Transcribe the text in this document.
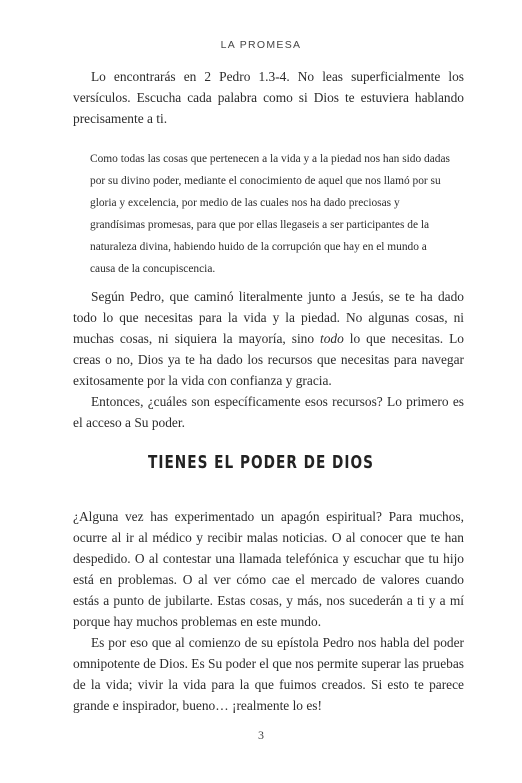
LA PROMESA

Lo encontrarás en 2 Pedro 1.3-4. No leas superficialmente los versículos. Escucha cada palabra como si Dios te estuviera hablando precisamente a ti.

Como todas las cosas que pertenecen a la vida y a la piedad nos han sido dadas por su divino poder, mediante el conocimiento de aquel que nos llamó por su gloria y excelencia, por medio de las cuales nos ha dado preciosas y grandísimas promesas, para que por ellas llegaseis a ser participantes de la naturaleza divina, habiendo huido de la corrupción que hay en el mundo a causa de la concupiscencia.

Según Pedro, que caminó literalmente junto a Jesús, se te ha dado todo lo que necesitas para la vida y la piedad. No algunas cosas, ni muchas cosas, ni siquiera la mayoría, sino todo lo que necesitas. Lo creas o no, Dios ya te ha dado los recursos que necesitas para navegar exitosamente por la vida con confianza y gracia.

Entonces, ¿cuáles son específicamente esos recursos? Lo primero es el acceso a Su poder.

TIENES EL PODER DE DIOS

¿Alguna vez has experimentado un apagón espiritual? Para muchos, ocurre al ir al médico y recibir malas noticias. O al conocer que te han despedido. O al contestar una llamada telefónica y escuchar que tu hijo está en problemas. O al ver cómo cae el mercado de valores cuando estás a punto de jubilarte. Estas cosas, y más, nos sucederán a ti y a mí porque hay muchos problemas en este mundo.

Es por eso que al comienzo de su epístola Pedro nos habla del poder omnipotente de Dios. Es Su poder el que nos permite superar las pruebas de la vida; vivir la vida para la que fuimos creados. Si esto te parece grande e inspirador, bueno… ¡realmente lo es!

3
